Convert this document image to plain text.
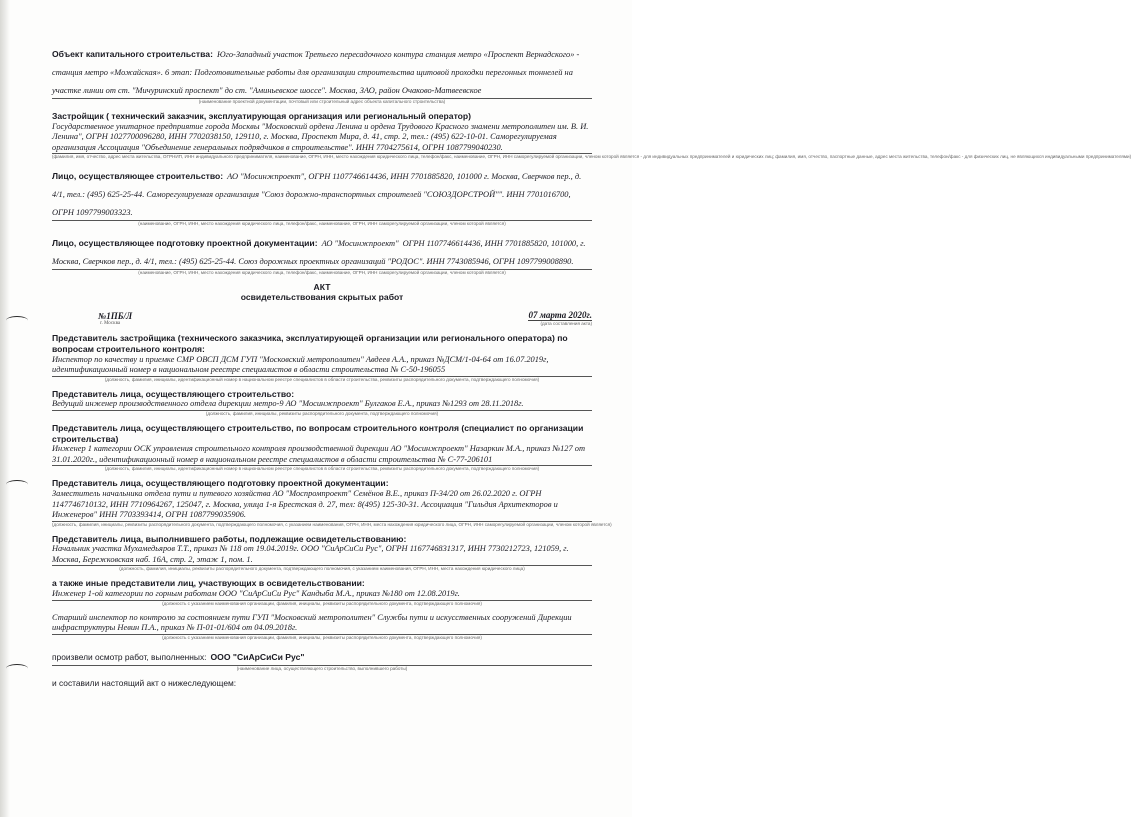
Объект капитального строительства: Юго-Западный участок Третьего пересадочного контура станция метро «Проспект Вернадского» - станция метро «Можайская». 6 этап: Подготовительные работы для организации строительства щитовой проходки перегонных тоннелей на участке линии от ст. "Мичуринский проспект" до ст. "Аминьевское шоссе". Москва, ЗАО, район Очаково-Матвеевское

(наименование проектной документации, почтовый или строительный адрес объекта капитального строительства)
Застройщик ( технический заказчик, эксплуатирующая организация или региональный оператор)
Государственное унитарное предприятие города Москвы "Московский ордена Ленина и ордена Трудового Красного знамени метрополитен им. В. И. Ленина", ОГРН 1027700096280, ИНН 7702038150, 129110, г. Москва, Проспект Мира, д. 41, стр. 2, тел.: (495) 622-10-01. Саморегулируемая организация Ассоциация "Объединение генеральных подрядчиков в строительстве". ИНН 7704275614, ОГРН 1087799040230.
(фамилия, имя, отчество, адрес места жительства, ОГРНИП, ИНН индивидуального предпринимателя, наименование, ОГРН, ИНН, место нахождения юридического лица, телефон/факс, наименование, ОГРН, ИНН саморегулируемой организации, членом которой является - для индивидуальных предпринимателей и юридических лиц; фамилия, имя, отчество, паспортные данные, адрес места жительства, телефон/факс - для физических лиц, не являющихся индивидуальными предпринимателями)

Лицо, осуществляющее строительство: АО "Мосинжпроект", ОГРН 1107746614436, ИНН 7701885820, 101000 г. Москва, Сверчков пер., д. 4/1, тел.: (495) 625-25-44. Саморегулируемая организация "Союз дорожно-транспортных строителей "СОЮЗДОРСТРОЙ"". ИНН 7701016700, ОГРН 1097799003323.

(наименование, ОГРН, ИНН, место нахождения юридического лица, телефон/факс, наименование, ОГРН, ИНН саморегулируемой организации, членом которой является)

Лицо, осуществляющее подготовку проектной документации: АО "Мосинжпроект" ОГРН 1107746614436, ИНН 7701885820, 101000, г. Москва, Сверчков пер., д. 4/1, тел.: (495) 625-25-44. Союз дорожных проектных организаций "РОДОС". ИНН 7743085946, ОГРН 1097799008890.

(наименование, ОГРН, ИНН, место нахождения юридического лица, телефон/факс, наименование, ОГРН, ИНН саморегулируемой организации, членом которой является)
АКТ
освидетельствования скрытых работ
№1ПБ/Л	07 марта 2020г.
г. Москва	(дата составления акта)
Представитель застройщика (технического заказчика, эксплуатирующей организации или регионального оператора) по вопросам строительного контроля:
Инспектор по качеству и приемке СМР ОВСП ДСМ ГУП "Московский метрополитен" Авдеев А.А., приказ №ДСМ/1-04-64 от 16.07.2019г, идентификационный номер в национальном реестре специалистов в области строительства № С-50-196055
(должность, фамилия, инициалы, идентификационный номер в национальном реестре специалистов в области строительства, реквизиты распорядительного документа, подтверждающего полномочия)
Представитель лица, осуществляющего строительство:
Ведущий инженер производственного отдела дирекции метро-9 АО "Мосинжпроект" Булгаков Е.А., приказ №1293 от 28.11.2018г.
(должность, фамилия, инициалы, реквизиты распорядительного документа, подтверждающего полномочия)
Представитель лица, осуществляющего строительство, по вопросам строительного контроля (специалист по организации строительства)
Инженер 1 категории ОСК управления строительного контроля производственной дирекции АО "Мосинжпроект" Назаркин М.А., приказ №127 от 31.01.2020г., идентификационный номер в национальном реестре специалистов в области строительства № С-77-206101
(должность, фамилия, инициалы, идентификационный номер в национальном реестре специалистов в области строительства, реквизиты распорядительного документа, подтверждающего полномочия)
Представитель лица, осуществляющего подготовку проектной документации:
Заместитель начальника отдела пути и путевого хозяйства АО "Моспромпроект" Семёнов В.Е., приказ П-34/20 от 26.02.2020 г. ОГРН 1147746710132, ИНН 7710964267, 125047, г. Москва, улица 1-я Брестская д. 27, тел: 8(495) 125-30-31. Ассоциация "Гильдия Архитекторов и Инженеров" ИНН 7703393414, ОГРН 1087799035906.
(должность, фамилия, инициалы, реквизиты распорядительного документа, подтверждающего полномочия, с указанием наименования, ОГРН, ИНН, места нахождения юридического лица, ОГРН, ИНН саморегулируемой организации, членом которой является)
Представитель лица, выполнившего работы, подлежащие освидетельствованию:
Начальник участка Мухамедьяров Т.Т., приказ № 118 от 19.04.2019г. ООО "СиАрСиСи Рус", ОГРН 1167746831317, ИНН 7730212723, 121059, г. Москва, Бережковская наб. 16А, стр. 2, этаж 1, пом. 1.
(должность, фамилия, инициалы, реквизиты распорядительного документа, подтверждающего полномочия, с указанием наименования, ОГРН, ИНН, места нахождения юридического лица)
а также иные представители лиц, участвующих в освидетельствовании:
Инженер 1-ой категории по горным работам ООО "СиАрСиСи Рус" Кандыба М.А., приказ №180 от 12.08.2019г.
(должность с указанием наименования организации, фамилия, инициалы, реквизиты распорядительного документа, подтверждающего полномочия)
Старший инспектор по контролю за состоянием пути ГУП "Московский метрополитен" Службы пути и искусственных сооружений Дирекции инфраструктуры Невин П.А., приказ № П-01-01/604 от 04.09.2018г.
(должность с указанием наименования организации, фамилия, инициалы, реквизиты распорядительного документа, подтверждающего полномочия)

произвели осмотр работ, выполненных: ООО "СиАрСиСи Рус"

(наименование лица, осуществляющего строительство, выполнившего работы)
и составили настоящий акт о нижеследующем:
